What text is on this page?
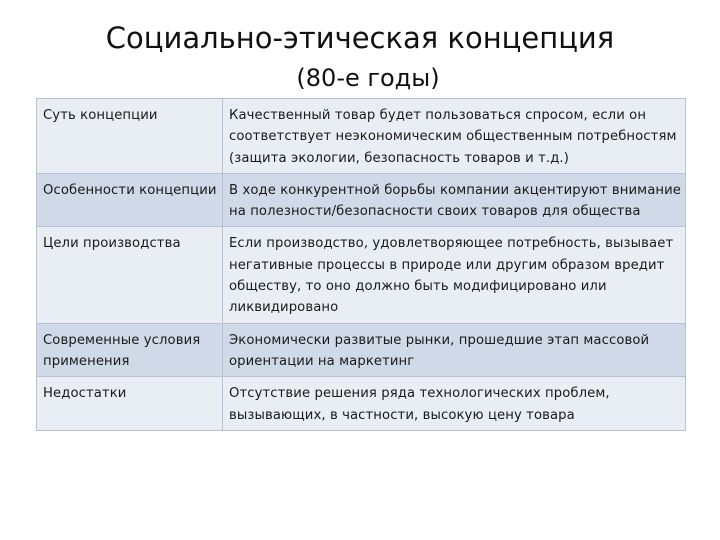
Социально-этическая концепция
(80-е годы)
Суть концепции	Качественный товар будет пользоваться спросом, если он соответствует неэкономическим общественным потребностям (защита экологии, безопасность товаров и т.д.)
Особенности концепции	В ходе конкурентной борьбы компании акцентируют внимание на полезности/безопасности своих товаров для общества
Цели производства	Если производство, удовлетворяющее потребность, вызывает негативные процессы в природе или другим образом вредит обществу, то оно должно быть модифицировано или ликвидировано
Современные условия применения	Экономически развитые рынки, прошедшие этап массовой ориентации на маркетинг
Недостатки	Отсутствие решения ряда технологических проблем, вызывающих, в частности, высокую цену товара
